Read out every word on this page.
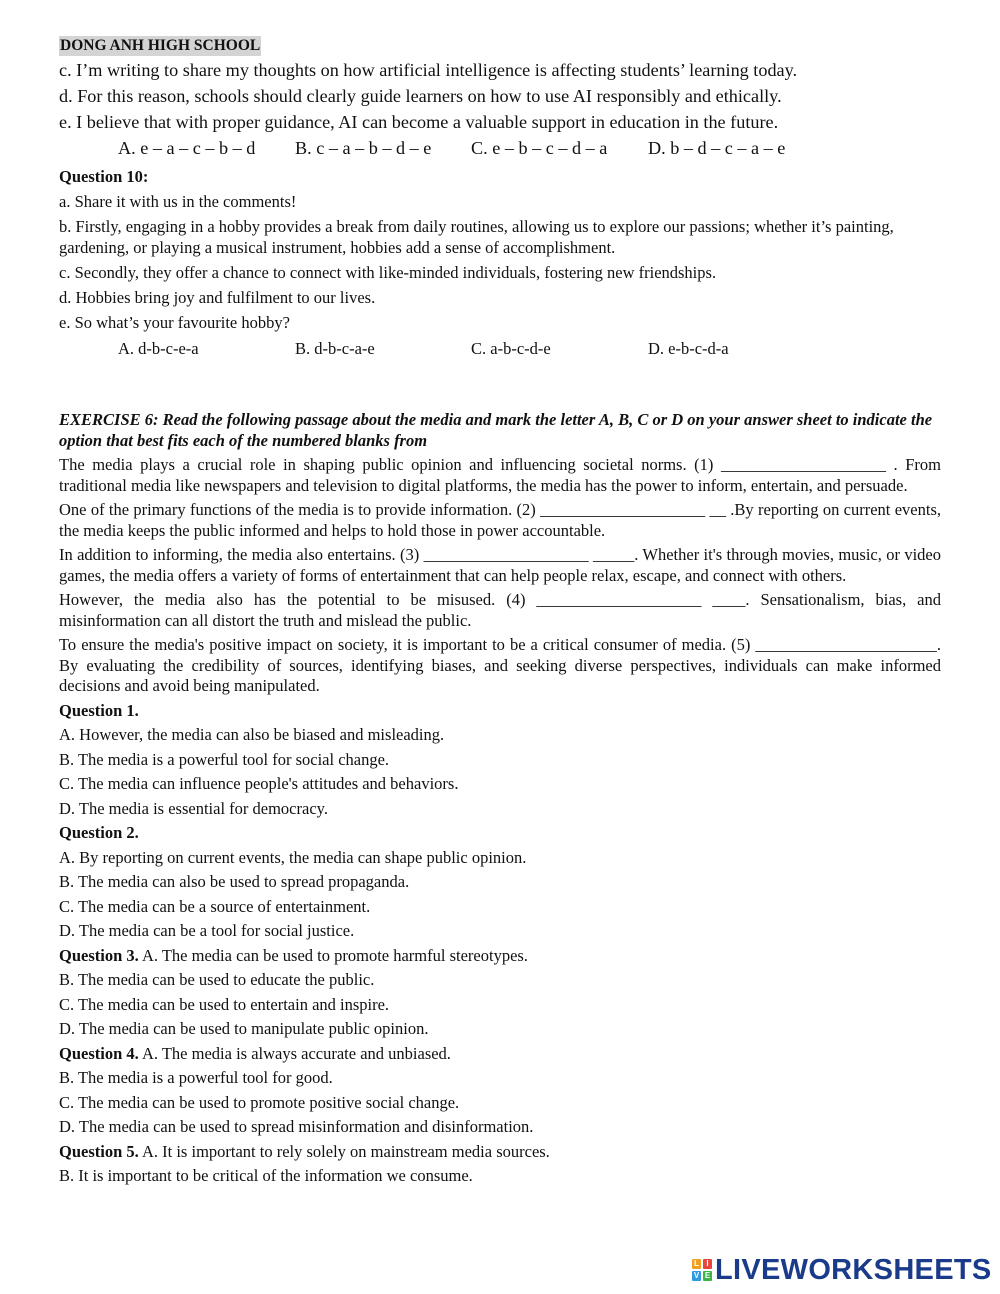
DONG ANH HIGH SCHOOL
c. I’m writing to share my thoughts on how artificial intelligence is affecting students’ learning today.
d. For this reason, schools should clearly guide learners on how to use AI responsibly and ethically.
e. I believe that with proper guidance, AI can become a valuable support in education in the future.
A. e – a – c – b – d	B. c – a – b – d – e	C. e – b – c – d – a	D. b – d – c – a – e
Question 10:
a. Share it with us in the comments!
b. Firstly, engaging in a hobby provides a break from daily routines, allowing us to explore our passions; whether it’s painting, gardening, or playing a musical instrument, hobbies add a sense of accomplishment.
c. Secondly, they offer a chance to connect with like-minded individuals, fostering new friendships.
d. Hobbies bring joy and fulfilment to our lives.
e. So what’s your favourite hobby?
A. d-b-c-e-a	B. d-b-c-a-e	C. a-b-c-d-e	D. e-b-c-d-a
EXERCISE 6: Read the following passage about the media and mark the letter A, B, C or D on your answer sheet to indicate the option that best fits each of the numbered blanks from
The media plays a crucial role in shaping public opinion and influencing societal norms. (1) ____________________ . From traditional media like newspapers and television to digital platforms, the media has the power to inform, entertain, and persuade.
One of the primary functions of the media is to provide information. (2) ____________________ __ .By reporting on current events, the media keeps the public informed and helps to hold those in power accountable.
In addition to informing, the media also entertains. (3) ____________________ _____. Whether it's through movies, music, or video games, the media offers a variety of forms of entertainment that can help people relax, escape, and connect with others.
However, the media also has the potential to be misused. (4) ____________________ ____. Sensationalism, bias, and misinformation can all distort the truth and mislead the public.
To ensure the media's positive impact on society, it is important to be a critical consumer of media. (5) ______________________. By evaluating the credibility of sources, identifying biases, and seeking diverse perspectives, individuals can make informed decisions and avoid being manipulated.
Question 1.
A. However, the media can also be biased and misleading.
B. The media is a powerful tool for social change.
C. The media can influence people's attitudes and behaviors.
D. The media is essential for democracy.
Question 2.
A. By reporting on current events, the media can shape public opinion.
B. The media can also be used to spread propaganda.
C. The media can be a source of entertainment.
D. The media can be a tool for social justice.
Question 3. A. The media can be used to promote harmful stereotypes.
B. The media can be used to educate the public.
C. The media can be used to entertain and inspire.
D. The media can be used to manipulate public opinion.
Question 4. A. The media is always accurate and unbiased.
B. The media is a powerful tool for good.
C. The media can be used to promote positive social change.
D. The media can be used to spread misinformation and disinformation.
Question 5. A. It is important to rely solely on mainstream media sources.
B. It is important to be critical of the information we consume.
L I
V E LIVEWORKSHEETS
